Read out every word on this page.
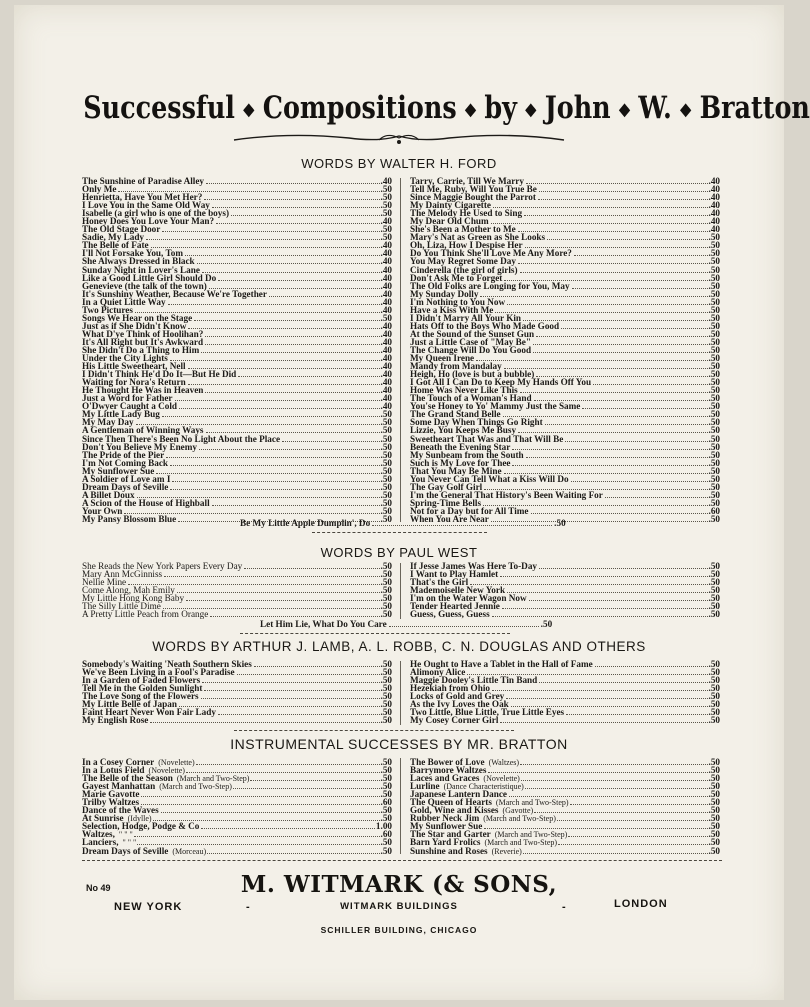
Successful ◆ Compositions ◆ by ◆ John ◆ W. ◆ Bratton
WORDS BY WALTER H. FORD
The Sunshine of Paradise Alley	.40
Only Me	.50
Henrietta, Have You Met Her?	.50
I Love You in the Same Old Way	.50
Isabelle (a girl who is one of the boys)	.50
Honey Does You Love Your Man?	.40
The Old Stage Door	.50
Sadie, My Lady	.50
The Belle of Fate	.40
I'll Not Forsake You, Tom	.40
She Always Dressed in Black	.40
Sunday Night in Lover's Lane	.40
Like a Good Little Girl Should Do	.40
Genevieve (the talk of the town)	.40
It's Sunshiny Weather, Because We're Together	.40
In a Quiet Little Way	.40
Two Pictures	.40
Songs We Hear on the Stage	.50
Just as if She Didn't Know	.40
What D'ye Think of Hoolihan?	.40
It's All Right but It's Awkward	.40
She Didn't Do a Thing to Him	.40
Under the City Lights	.40
His Little Sweetheart, Nell	.40
I Didn't Think He'd Do It—But He Did	.40
Waiting for Nora's Return	.40
He Thought He Was in Heaven	.40
Just a Word for Father	.40
O'Dwyer Caught a Cold	.40
My Little Lady Bug	.50
My May Day	.50
A Gentleman of Winning Ways	.50
Since Then There's Been No Light About the Place	.50
Don't You Believe My Enemy	.50
The Pride of the Pier	.50
I'm Not Coming Back	.50
My Sunflower Sue	.50
A Soldier of Love am I	.50
Dream Days of Seville	.50
A Billet Doux	.50
A Scion of the House of Highball	.50
Your Own	.50
My Pansy Blossom Blue	.50
Tarry, Carrie, Till We Marry	.40
Tell Me, Ruby, Will You True Be	.40
Since Maggie Bought the Parrot	.40
My Dainty Cigarette	.40
The Melody He Used to Sing	.40
My Dear Old Chum	.40
She's Been a Mother to Me	.40
Mary's Nat as Green as She Looks	.50
Oh, Liza, How I Despise Her	.50
Do You Think She'll Love Me Any More?	.50
You May Regret Some Day	.50
Cinderella (the girl of girls)	.50
Don't Ask Me to Forget	.50
The Old Folks are Longing for You, May	.50
My Sunday Dolly	.50
I'm Nothing to You Now	.50
Have a Kiss With Me	.50
I Didn't Marry All Your Kin	.50
Hats Off to the Boys Who Made Good	.50
At the Sound of the Sunset Gun	.50
Just a Little Case of "May Be"	.50
The Change Will Do You Good	.50
My Queen Irene	.50
Mandy from Mandalay	.50
Heigh, Ho (love is but a bubble)	.50
I Got All I Can Do to Keep My Hands Off You	.50
Home Was Never Like This	.50
The Touch of a Woman's Hand	.50
You'se Honey to Yo' Mammy Just the Same	.50
The Grand Stand Belle	.50
Some Day When Things Go Right	.50
Lizzie, You Keeps Me Busy	.50
Sweetheart That Was and That Will Be	.50
Beneath the Evening Star	.50
My Sunbeam from the South	.50
Such is My Love for Thee	.50
That You May Be Mine	.50
You Never Can Tell What a Kiss Will Do	.50
The Gay Golf Girl	.50
I'm the General That History's Been Waiting For	.50
Spring-Time Bells	.50
Not for a Day but for All Time	.60
When You Are Near	.50
Be My Little Apple Dumplin', Do	.50
WORDS BY PAUL WEST
She Reads the New York Papers Every Day	.50
Mary Ann McGinniss	.50
Nellie Mine	.50
Come Along, Mah Emily	.50
My Little Hong Kong Baby	.50
The Silly Little Dime	.50
A Pretty Little Peach from Orange	.50
If Jesse James Was Here To-Day	.50
I Want to Play Hamlet	.50
That's the Girl	.50
Mademoiselle New York	.50
I'm on the Water Wagon Now	.50
Tender Hearted Jennie	.50
Guess, Guess, Guess	.50
Let Him Lie, What Do You Care	.50
WORDS BY ARTHUR J. LAMB, A. L. ROBB, C. N. DOUGLAS AND OTHERS
Somebody's Waiting 'Neath Southern Skies	.50
We've Been Living in a Fool's Paradise	.50
In a Garden of Faded Flowers	.50
Tell Me in the Golden Sunlight	.50
The Love Song of the Flowers	.50
My Little Belle of Japan	.50
Faint Heart Never Won Fair Lady	.50
My English Rose	.50
He Ought to Have a Tablet in the Hall of Fame	.50
Alimony Alice	.50
Maggie Dooley's Little Tin Band	.50
Hezekiah from Ohio	.50
Locks of Gold and Grey	.50
As the Ivy Loves the Oak	.50
Two Little, Blue Little, True Little Eyes	.50
My Cosey Corner Girl	.50
INSTRUMENTAL SUCCESSES BY MR. BRATTON
In a Cosey Corner (Novelette)	.50
In a Lotus Field (Novelette)	.50
The Belle of the Season (March and Two-Step)	.50
Gayest Manhattan (March and Two-Step)	.50
Marie Gavotte	.50
Trilby Waltzes	.60
Dance of the Waves	.50
At Sunrise (Idylle)	.50
Selection, Hodge, Podge & Co	1.00
Waltzes, " " "	.60
Lanciers, " " "	.50
Dream Days of Seville (Morceau)	.50
The Bower of Love (Waltzes)	.50
Barrymore Waltzes	.50
Laces and Graces (Novelette)	.50
Lurline (Dance Characteristique)	.50
Japanese Lantern Dance	.50
The Queen of Hearts (March and Two-Step)	.50
Gold, Wine and Kisses (Gavotte)	.50
Rubber Neck Jim (March and Two-Step)	.50
My Sunflower Sue	.50
The Star and Garter (March and Two-Step)	.50
Barn Yard Frolics (March and Two-Step)	.50
Sunshine and Roses (Reverie)	.50
No 49	M. WITMARK (& SONS,
NEW YORK	-	WITMARK BUILDINGS	-	LONDON
SCHILLER BUILDING, CHICAGO
